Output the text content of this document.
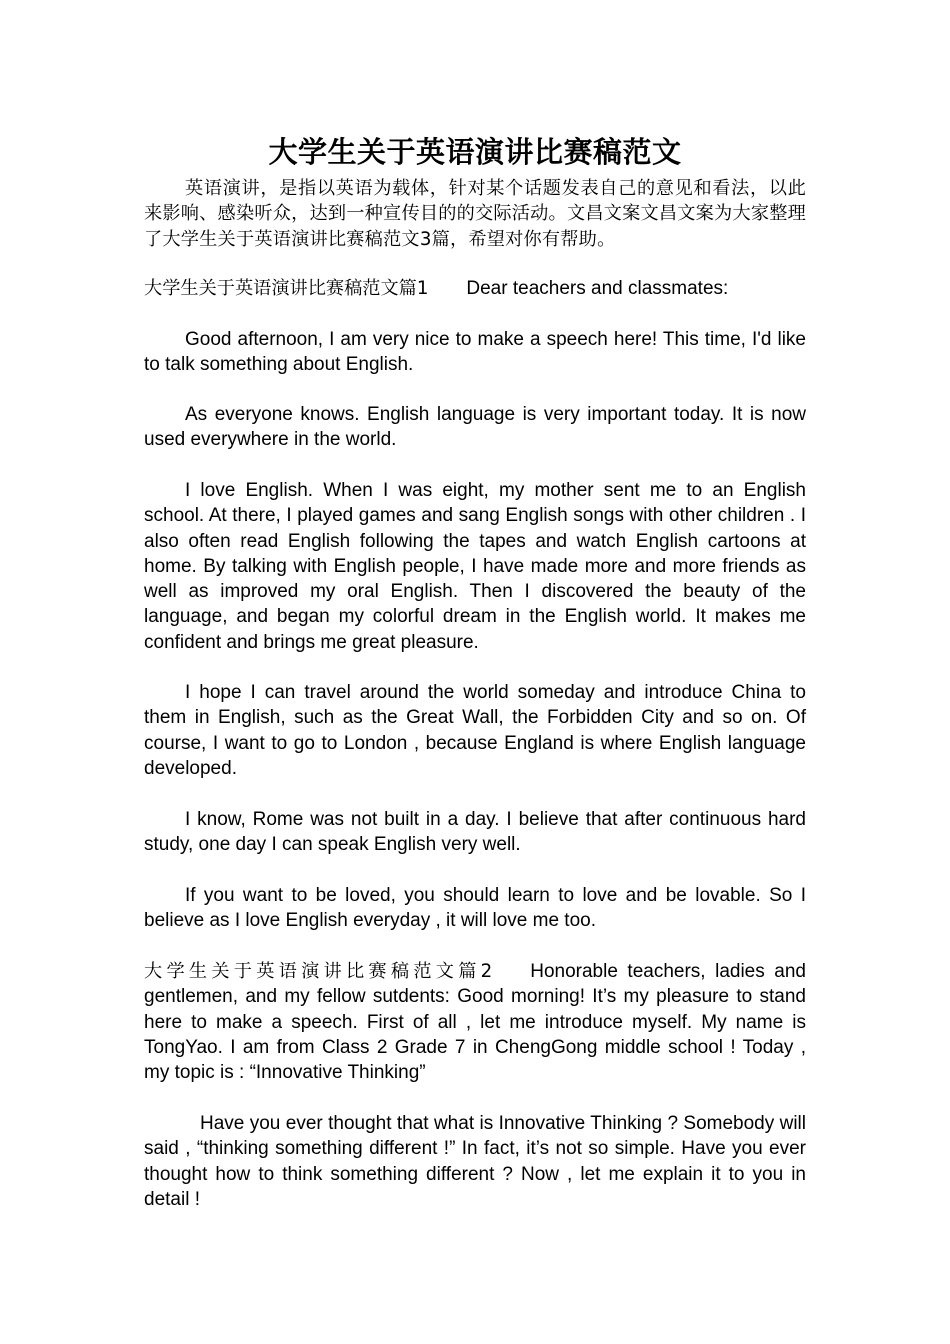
大学生关于英语演讲比赛稿范文

英语演讲，是指以英语为载体，针对某个话题发表自己的意见和看法，以此来影响、感染听众，达到一种宣传目的的交际活动。文昌文案文昌文案为大家整理了大学生关于英语演讲比赛稿范文3篇，希望对你有帮助。

大学生关于英语演讲比赛稿范文篇1 Dear teachers and classmates:

Good afternoon, I am very nice to make a speech here! This time, I'd like to talk something about English.

As everyone knows. English language is very important today. It is now used everywhere in the world.

I love English. When I was eight, my mother sent me to an English school. At there, I played games and sang English songs with other children . I also often read English following the tapes and watch English cartoons at home. By talking with English people, I have made more and more friends as well as improved my oral English. Then I discovered the beauty of the language, and began my colorful dream in the English world. It makes me confident and brings me great pleasure.

I hope I can travel around the world someday and introduce China to them in English, such as the Great Wall, the Forbidden City and so on. Of course, I want to go to London , because England is where English language developed.

I know, Rome was not built in a day. I believe that after continuous hard study, one day I can speak English very well.

If you want to be loved, you should learn to love and be lovable. So I believe as I love English everyday , it will love me too.

大学生关于英语演讲比赛稿范文篇2 Honorable teachers, ladies and gentlemen, and my fellow sutdents: Good morning! It’s my pleasure to stand here to make a speech. First of all , let me introduce myself. My name is TongYao. I am from Class 2 Grade 7 in ChengGong middle school ! Today , my topic is : “Innovative Thinking”

Have you ever thought that what is Innovative Thinking ? Somebody will said , “thinking something different !” In fact, it’s not so simple. Have you ever thought how to think something different ? Now , let me explain it to you in detail !
